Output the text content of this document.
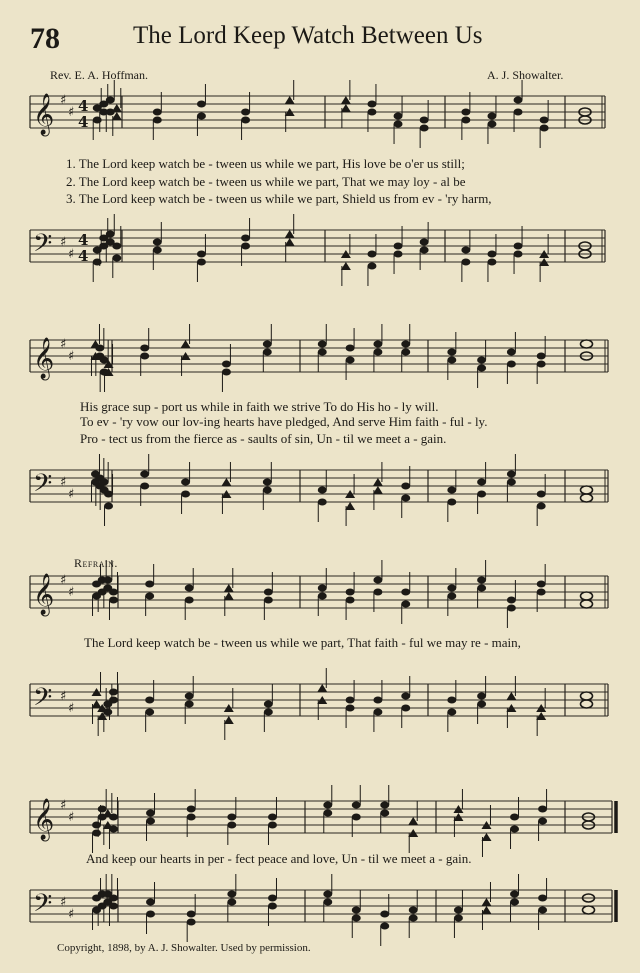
78	The Lord Keep Watch Between Us
Rev. E. A. Hoffman.	A. J. Showalter.
𝄞 ♯
♯ 4
4
1. The Lord keep watch be - tween us while we part, His love be o'er us still;
2. The Lord keep watch be - tween us while we part, That we may loy - al be
3. The Lord keep watch be - tween us while we part, Shield us from ev - 'ry harm,
𝄢 ♯
♯
4
4
𝄞 ♯
♯
His grace sup - port us while in faith we strive To do His ho - ly will.
To ev - 'ry vow our lov-ing hearts have pledged, And serve Him faith - ful - ly.
Pro - tect us from the fierce as - saults of sin, Un - til we meet a - gain.
𝄢 ♯
♯
Refrain.
𝄞 ♯
♯
The Lord keep watch be - tween us while we part, That faith - ful we may re - main,
𝄢 ♯
♯
𝄞 ♯
♯
And keep our hearts in per - fect peace and love, Un - til we meet a - gain.
𝄢 ♯
♯
Copyright, 1898, by A. J. Showalter. Used by permission.
